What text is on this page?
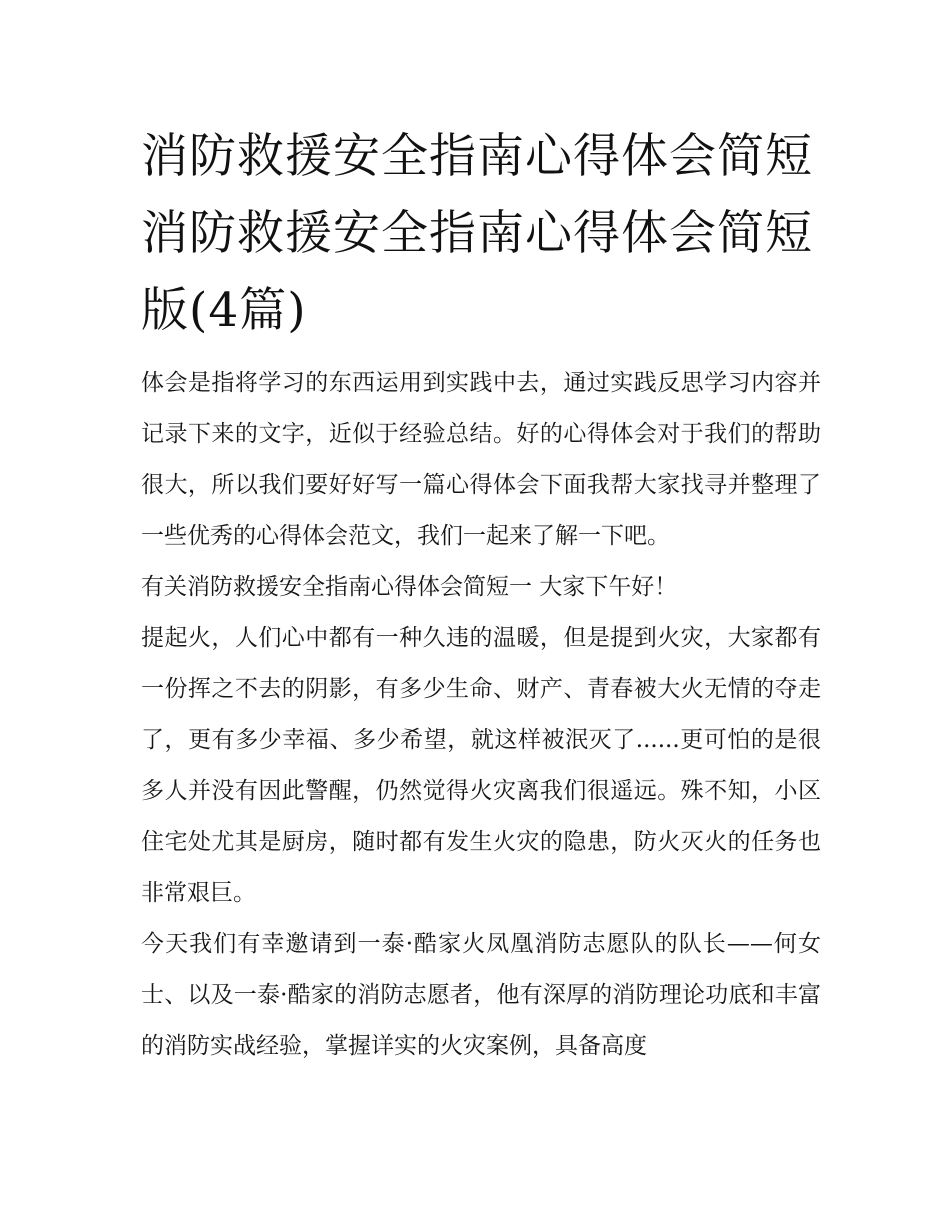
消防救援安全指南心得体会简短 消防救援安全指南心得体会简短版(4篇)

体会是指将学习的东西运用到实践中去，通过实践反思学习内容并记录下来的文字，近似于经验总结。好的心得体会对于我们的帮助很大，所以我们要好好写一篇心得体会下面我帮大家找寻并整理了一些优秀的心得体会范文，我们一起来了解一下吧。

有关消防救援安全指南心得体会简短一 大家下午好！

提起火，人们心中都有一种久违的温暖，但是提到火灾，大家都有一份挥之不去的阴影，有多少生命、财产、青春被大火无情的夺走了，更有多少幸福、多少希望，就这样被泯灭了......更可怕的是很多人并没有因此警醒，仍然觉得火灾离我们很遥远。殊不知，小区住宅处尤其是厨房，随时都有发生火灾的隐患，防火灭火的任务也非常艰巨。

今天我们有幸邀请到一泰·酷家火凤凰消防志愿队的队长——何女士、以及一泰·酷家的消防志愿者，他有深厚的消防理论功底和丰富的消防实战经验，掌握详实的火灾案例，具备高度
